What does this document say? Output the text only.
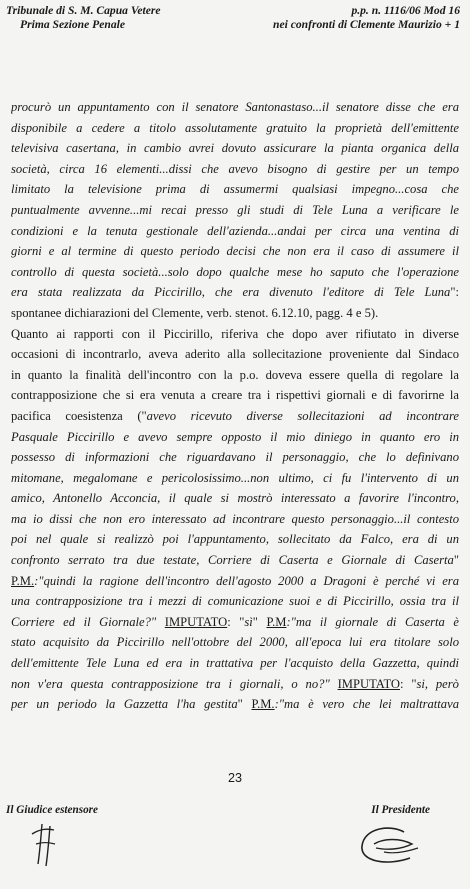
Tribunale di S. M. Capua Vetere
Prima Sezione Penale
p.p. n. 1116/06 Mod 16
nei confronti di Clemente Maurizio + 1
procurò un appuntamento con il senatore Santonastaso...il senatore disse che era
disponibile a cedere a titolo assolutamente gratuito la proprietà dell'emittente
televisiva casertana, in cambio avrei dovuto assicurare la pianta organica della
società, circa 16 elementi...dissi che avevo bisogno di gestire per un tempo
limitato la televisione prima di assumermi qualsiasi impegno...cosa che
puntualmente avvenne...mi recai presso gli studi di Tele Luna a verificare le
condizioni e la tenuta gestionale dell'azienda...andai per circa una ventina di
giorni e al termine di questo periodo decisi che non era il caso di assumere il
controllo di questa società...solo dopo qualche mese ho saputo che l'operazione
era stata realizzata da Piccirillo, che era divenuto l'editore di Tele Luna":
spontanee dichiarazioni del Clemente, verb. stenot. 6.12.10, pagg. 4 e 5).
Quanto ai rapporti con il Piccirillo, riferiva che dopo aver rifiutato in diverse
occasioni di incontrarlo, aveva aderito alla sollecitazione proveniente dal Sindaco
in quanto la finalità dell'incontro con la p.o. doveva essere quella di regolare la
contrapposizione che si era venuta a creare tra i rispettivi giornali e di favorirne la
pacifica coesistenza ("avevo ricevuto diverse sollecitazioni ad incontrare
Pasquale Piccirillo e avevo sempre opposto il mio diniego in quanto ero in
possesso di informazioni che riguardavano il personaggio, che lo definivano
mitomane, megalomane e pericolosissimo...non ultimo, ci fu l'intervento di un
amico, Antonello Acconcia, il quale si mostrò interessato a favorire l'incontro,
ma io dissi che non ero interessato ad incontrare questo personaggio...il contesto
poi nel quale si realizzò poi l'appuntamento, sollecitato da Falco, era di un
confronto serrato tra due testate, Corriere di Caserta e Giornale di Caserta"
P.M.:"quindi la ragione dell'incontro dell'agosto 2000 a Dragoni è perché vi era
una contrapposizione tra i mezzi di comunicazione suoi e di Piccirillo, ossia tra il
Corriere ed il Giornale?" IMPUTATO: "sì" P.M:"ma il giornale di Caserta è
stato acquisito da Piccirillo nell'ottobre del 2000, all'epoca lui era titolare solo
dell'emittente Tele Luna ed era in trattativa per l'acquisto della Gazzetta, quindi
non v'era questa contrapposizione tra i giornali, o no?" IMPUTATO: "si, però
per un periodo la Gazzetta l'ha gestita" P.M.:"ma è vero che lei maltrattava
23
Il Giudice estensore	Il Presidente
